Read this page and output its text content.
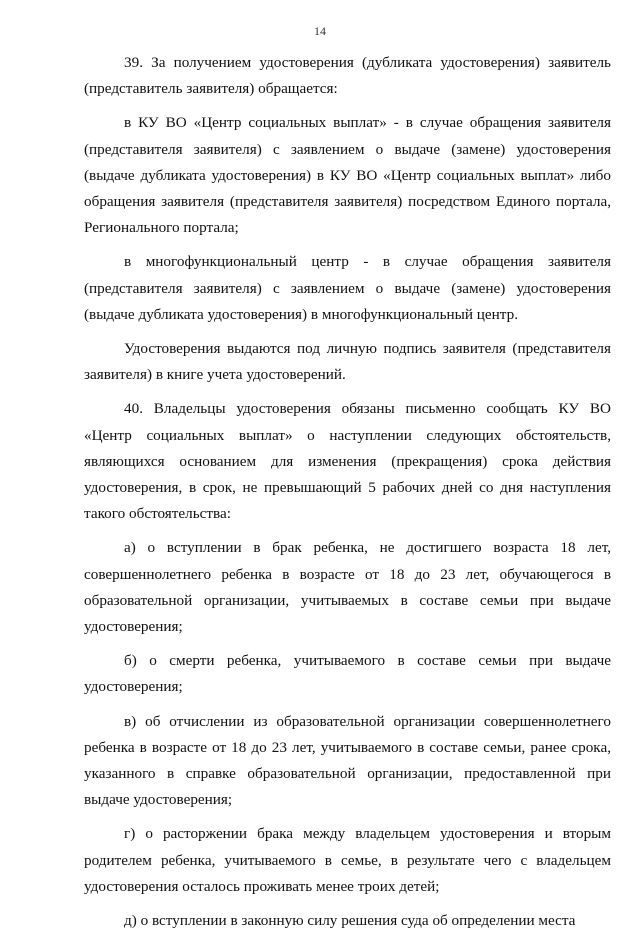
14

39. За получением удостоверения (дубликата удостоверения) заявитель (представитель заявителя) обращается:

в КУ ВО «Центр социальных выплат» - в случае обращения заявителя (представителя заявителя) с заявлением о выдаче (замене) удостоверения (выдаче дубликата удостоверения) в КУ ВО «Центр социальных выплат» либо обращения заявителя (представителя заявителя) посредством Единого портала, Регионального портала;

в многофункциональный центр - в случае обращения заявителя (представителя заявителя) с заявлением о выдаче (замене) удостоверения (выдаче дубликата удостоверения) в многофункциональный центр.

Удостоверения выдаются под личную подпись заявителя (представителя заявителя) в книге учета удостоверений.

40. Владельцы удостоверения обязаны письменно сообщать КУ ВО «Центр социальных выплат» о наступлении следующих обстоятельств, являющихся основанием для изменения (прекращения) срока действия удостоверения, в срок, не превышающий 5 рабочих дней со дня наступления такого обстоятельства:

а) о вступлении в брак ребенка, не достигшего возраста 18 лет, совершеннолетнего ребенка в возрасте от 18 до 23 лет, обучающегося в образовательной организации, учитываемых в составе семьи при выдаче удостоверения;

б) о смерти ребенка, учитываемого в составе семьи при выдаче удостоверения;

в) об отчислении из образовательной организации совершеннолетнего ребенка в возрасте от 18 до 23 лет, учитываемого в составе семьи, ранее срока, указанного в справке образовательной организации, предоставленной при выдаче удостоверения;

г) о расторжении брака между владельцем удостоверения и вторым родителем ребенка, учитываемого в семье, в результате чего с владельцем удостоверения осталось проживать менее троих детей;

д) о вступлении в законную силу решения суда об определении места
